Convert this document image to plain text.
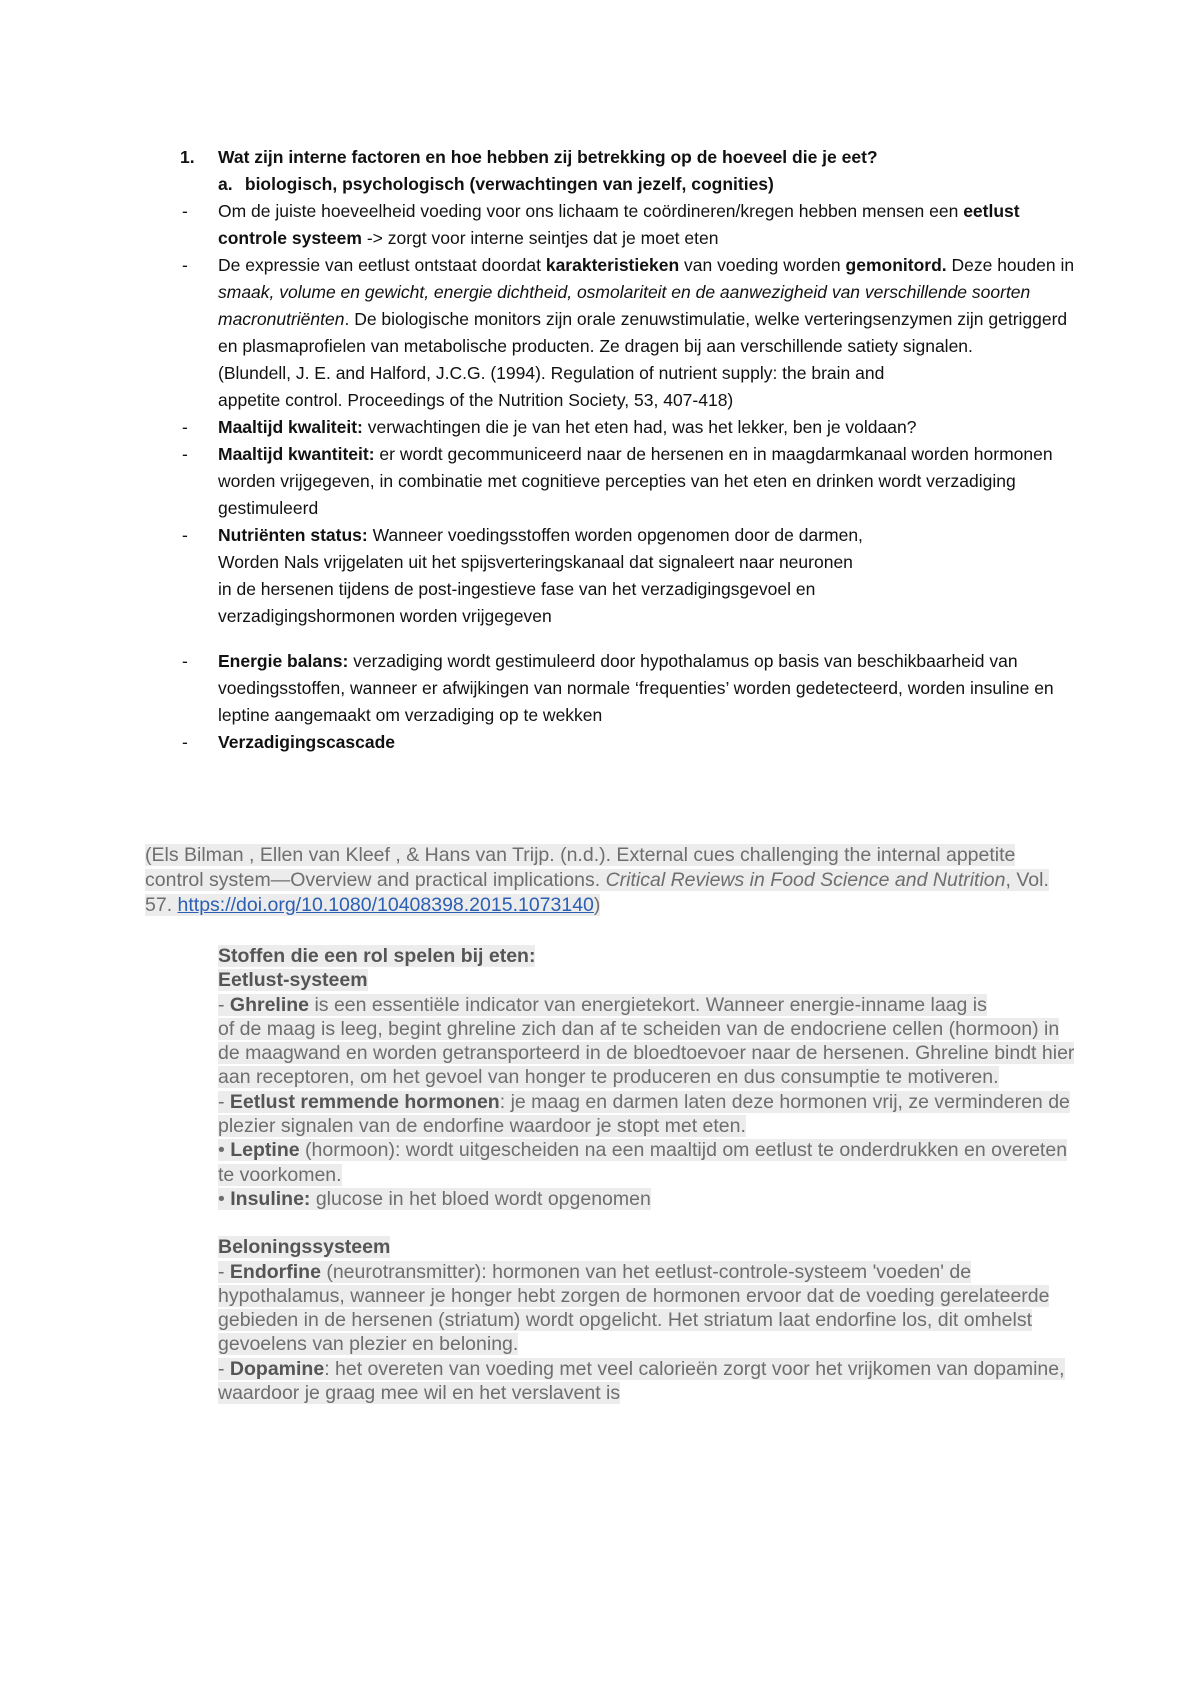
1. Wat zijn interne factoren en hoe hebben zij betrekking op de hoeveel die je eet?
a. biologisch, psychologisch (verwachtingen van jezelf, cognities)
- Om de juiste hoeveelheid voeding voor ons lichaam te coördineren/kregen hebben mensen een eetlust controle systeem -> zorgt voor interne seintjes dat je moet eten
- De expressie van eetlust ontstaat doordat karakteristieken van voeding worden gemonitord. Deze houden in smaak, volume en gewicht, energie dichtheid, osmolariteit en de aanwezigheid van verschillende soorten macronutriënten. De biologische monitors zijn orale zenuwstimulatie, welke verteringsenzymen zijn getriggerd en plasmaprofielen van metabolische producten. Ze dragen bij aan verschillende satiety signalen.
(Blundell, J. E. and Halford, J.C.G. (1994). Regulation of nutrient supply: the brain and
appetite control. Proceedings of the Nutrition Society, 53, 407-418)
- Maaltijd kwaliteit: verwachtingen die je van het eten had, was het lekker, ben je voldaan?
- Maaltijd kwantiteit: er wordt gecommuniceerd naar de hersenen en in maagdarmkanaal worden hormonen worden vrijgegeven, in combinatie met cognitieve percepties van het eten en drinken wordt verzadiging gestimuleerd
- Nutriënten status: Wanneer voedingsstoffen worden opgenomen door de darmen,
Worden Nals vrijgelaten uit het spijsverteringskanaal dat signaleert naar neuronen
in de hersenen tijdens de post-ingestieve fase van het verzadigingsgevoel en
verzadigingshormonen worden vrijgegeven
- Energie balans: verzadiging wordt gestimuleerd door hypothalamus op basis van beschikbaarheid van voedingsstoffen, wanneer er afwijkingen van normale ‘frequenties’ worden gedetecteerd, worden insuline en leptine aangemaakt om verzadiging op te wekken
- Verzadigingscascade
(Els Bilman , Ellen van Kleef , & Hans van Trijp. (n.d.). External cues challenging the internal appetite control system—Overview and practical implications. Critical Reviews in Food Science and Nutrition, Vol. 57. https://doi.org/10.1080/10408398.2015.1073140)
Stoffen die een rol spelen bij eten:
Eetlust-systeem
- Ghreline is een essentiële indicator van energietekort. Wanneer energie-inname laag is
of de maag is leeg, begint ghreline zich dan af te scheiden van de endocriene cellen (hormoon) in de maagwand en worden getransporteerd in de bloedtoevoer naar de hersenen. Ghreline bindt hier aan receptoren, om het gevoel van honger te produceren en dus consumptie te motiveren.
- Eetlust remmende hormonen: je maag en darmen laten deze hormonen vrij, ze verminderen de plezier signalen van de endorfine waardoor je stopt met eten.
• Leptine (hormoon): wordt uitgescheiden na een maaltijd om eetlust te onderdrukken en overeten te voorkomen.
• Insuline: glucose in het bloed wordt opgenomen
Beloningssysteem
- Endorfine (neurotransmitter): hormonen van het eetlust-controle-systeem 'voeden' de hypothalamus, wanneer je honger hebt zorgen de hormonen ervoor dat de voeding gerelateerde gebieden in de hersenen (striatum) wordt opgelicht. Het striatum laat endorfine los, dit omhelst gevoelens van plezier en beloning.
- Dopamine: het overeten van voeding met veel calorieën zorgt voor het vrijkomen van dopamine, waardoor je graag mee wil en het verslavent is
